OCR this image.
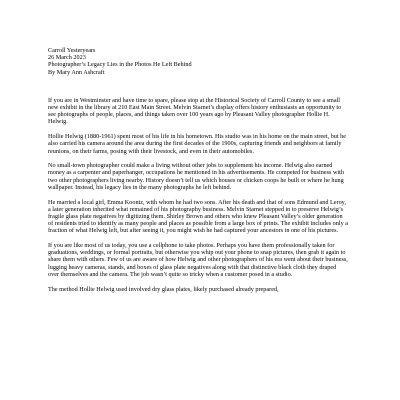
Carroll Yesteryears

26 March 2023

Photographer’s Legacy Lies in the Photos He Left Behind

By Mary Ann Ashcraft

If you are in Westminster and have time to spare, please stop at the Historical Society of Carroll County to see a small new exhibit in the library at 210 East Main Street. Melvin Starnet’s display offers history enthusiasts an opportunity to see photographs of people, places, and things taken over 100 years ago by Pleasant Valley photographer Hollie H. Helwig.

Hollie Helwig (1880-1961) spent most of his life in his hometown. His studio was in his home on the main street, but he also carried his camera around the area during the first decades of the 1900s, capturing friends and neighbors at family reunions, on their farms, posing with their livestock, and even in their automobiles.

No small-town photographer could make a living without other jobs to supplement his income. Helwig also earned money as a carpenter and paperhanger, occupations he mentioned in his advertisements. He competed for business with two other photographers living nearby. History doesn’t tell us which houses or chicken coops he built or where he hung wallpaper. Instead, his legacy lies in the many photographs he left behind.

He married a local girl, Emma Koontz, with whom he had two sons. After his death and that of sons Edmund and Leroy, a later generation inherited what remained of his photography business. Melvin Starnet stepped in to preserve Helwig’s fragile glass plate negatives by digitizing them. Shirley Brown and others who knew Pleasant Valley’s older generation of residents tried to identify as many people and places as possible from a large box of prints. The exhibit includes only a fraction of what Helwig left, but after seeing it, you might wish he had captured your ancestors in one of his pictures.

If you are like most of us today, you use a cellphone to take photos. Perhaps you have them professionally taken for graduations, weddings, or formal portraits, but otherwise you whip out your phone to snap pictures, then grab it again to share them with others. Few of us are aware of how Helwig and other photographers of his era went about their business, lugging heavy cameras, stands, and boxes of glass plate negatives along with that distinctive black cloth they draped over themselves and the camera. The job wasn’t quite so tricky when a customer posed in a studio.

The method Hollie Helwig used involved dry glass plates, likely purchased already prepared,
